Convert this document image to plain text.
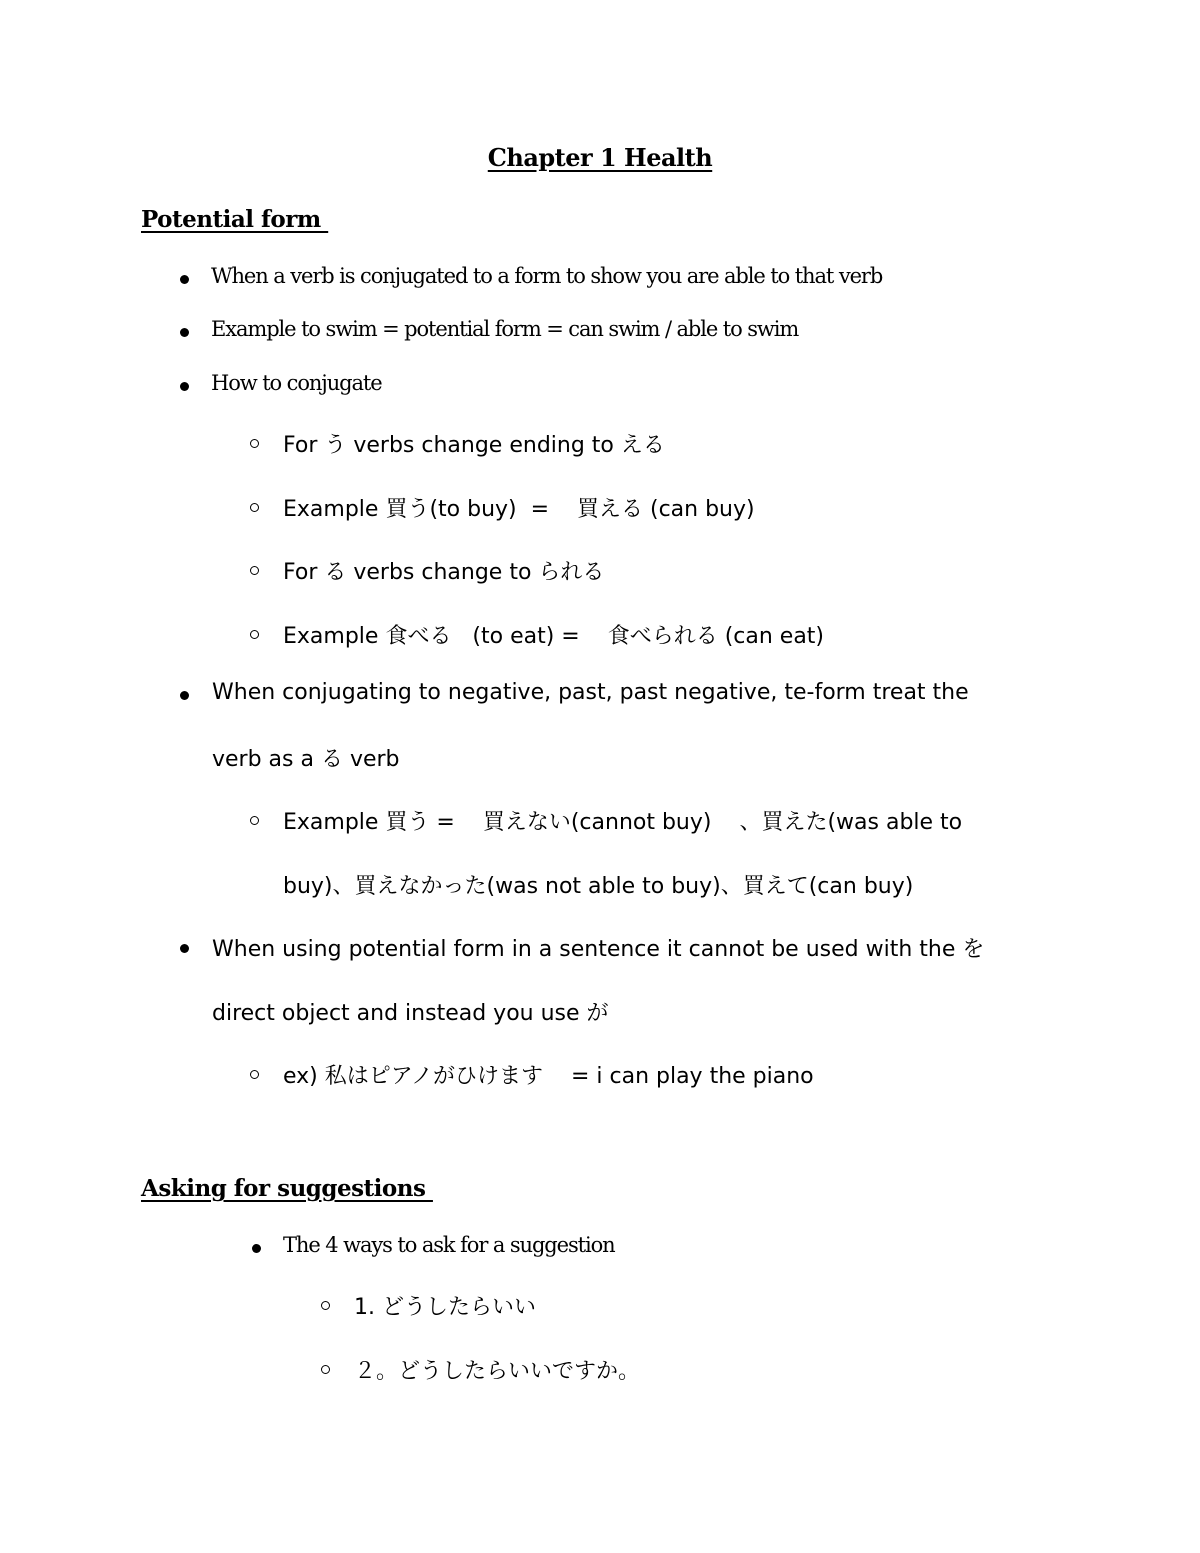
Chapter 1 Health
Potential form
When a verb is conjugated to a form to show you are able to that verb
Example to swim = potential form = can swim / able to swim
How to conjugate
For う verbs change ending to える
Example 買う(to buy)  =    買える (can buy)
For る verbs change to られる
Example 食べる   (to eat) =    食べられる (can eat)
When conjugating to negative, past, past negative, te-form treat the
verb as a る verb
Example 買う =    買えない(cannot buy)    、買えた(was able to
buy)、買えなかった(was not able to buy)、買えて(can buy)
When using potential form in a sentence it cannot be used with the を
direct object and instead you use が
ex) 私はピアノがひけます    = i can play the piano
Asking for suggestions
The 4 ways to ask for a suggestion
1. どうしたらいい
２。どうしたらいいですか。
